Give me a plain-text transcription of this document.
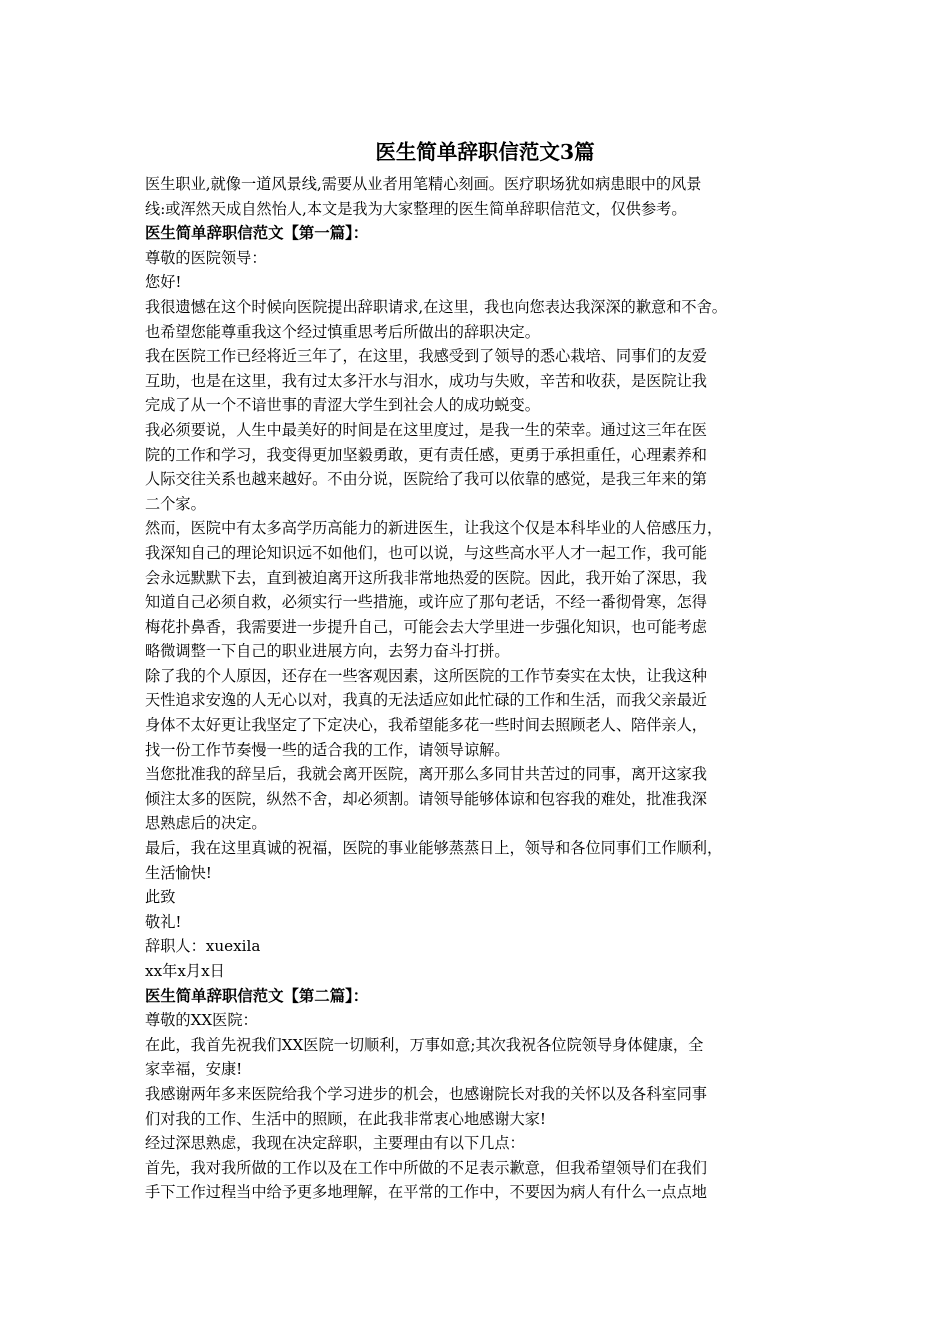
医生简单辞职信范文3篇
医生职业,就像一道风景线,需要从业者用笔精心刻画。医疗职场犹如病患眼中的风景
线:或浑然天成自然怡人,本文是我为大家整理的医生简单辞职信范文，仅供参考。
医生简单辞职信范文【第一篇】：
尊敬的医院领导：
您好!
我很遗憾在这个时候向医院提出辞职请求,在这里，我也向您表达我深深的歉意和不舍。
也希望您能尊重我这个经过慎重思考后所做出的辞职决定。
我在医院工作已经将近三年了，在这里，我感受到了领导的悉心栽培、同事们的友爱
互助，也是在这里，我有过太多汗水与泪水，成功与失败，辛苦和收获，是医院让我
完成了从一个不谙世事的青涩大学生到社会人的成功蜕变。
我必须要说，人生中最美好的时间是在这里度过，是我一生的荣幸。通过这三年在医
院的工作和学习，我变得更加坚毅勇敢，更有责任感，更勇于承担重任，心理素养和
人际交往关系也越来越好。不由分说，医院给了我可以依靠的感觉，是我三年来的第
二个家。
然而，医院中有太多高学历高能力的新进医生，让我这个仅是本科毕业的人倍感压力，
我深知自己的理论知识远不如他们，也可以说，与这些高水平人才一起工作，我可能
会永远默默下去，直到被迫离开这所我非常地热爱的医院。因此，我开始了深思，我
知道自己必须自救，必须实行一些措施，或许应了那句老话，不经一番彻骨寒，怎得
梅花扑鼻香，我需要进一步提升自己，可能会去大学里进一步强化知识，也可能考虑
略微调整一下自己的职业进展方向，去努力奋斗打拼。
除了我的个人原因，还存在一些客观因素，这所医院的工作节奏实在太快，让我这种
天性追求安逸的人无心以对，我真的无法适应如此忙碌的工作和生活，而我父亲最近
身体不太好更让我坚定了下定决心，我希望能多花一些时间去照顾老人、陪伴亲人，
找一份工作节奏慢一些的适合我的工作，请领导谅解。
当您批准我的辞呈后，我就会离开医院，离开那么多同甘共苦过的同事，离开这家我
倾注太多的医院，纵然不舍，却必须割。请领导能够体谅和包容我的难处，批准我深
思熟虑后的决定。
最后，我在这里真诚的祝福，医院的事业能够蒸蒸日上，领导和各位同事们工作顺利，
生活愉快!
此致
敬礼!
辞职人：xuexila
xx年x月x日
医生简单辞职信范文【第二篇】：
尊敬的XX医院：
在此，我首先祝我们XX医院一切顺利，万事如意;其次我祝各位院领导身体健康，全
家幸福，安康!
我感谢两年多来医院给我个学习进步的机会，也感谢院长对我的关怀以及各科室同事
们对我的工作、生活中的照顾，在此我非常衷心地感谢大家!
经过深思熟虑，我现在决定辞职，主要理由有以下几点：
首先，我对我所做的工作以及在工作中所做的不足表示歉意，但我希望领导们在我们
手下工作过程当中给予更多地理解，在平常的工作中，不要因为病人有什么一点点地
